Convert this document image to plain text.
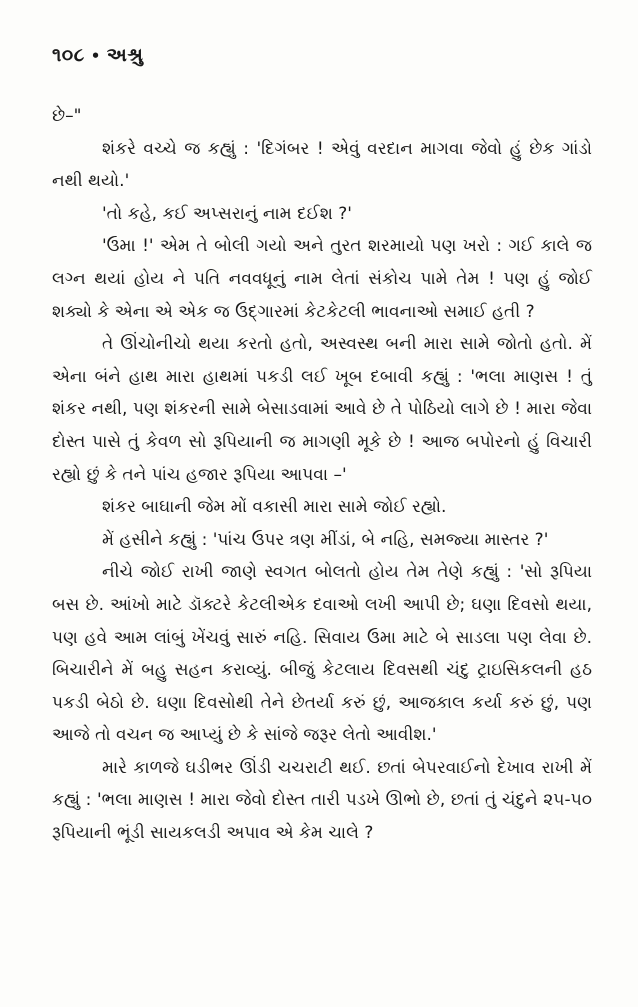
૧૦૮ • અશ્રુ

છે–"

શંકરે વચ્ચે જ કહ્યું : 'દિગંબર ! એવું વરદાન માગવા જેવો હું છેક ગાંડો નથી થયો.'

'તો કહે, કઈ અપ્સરાનું નામ દઈશ ?'

'ઉમા !' એમ તે બોલી ગયો અને તુરત શરમાયો પણ ખરો : ગઈ કાલે જ લગ્ન થયાં હોય ને પતિ નવવધૂનું નામ લેતાં સંકોચ પામે તેમ ! પણ હું જોઈ શક્યો કે એના એ એક જ ઉદ્ગારમાં કેટકેટલી ભાવનાઓ સમાઈ હતી ?

તે ઊંચોનીચો થયા કરતો હતો, અસ્વસ્થ બની મારા સામે જોતો હતો. મેં એના બંને હાથ મારા હાથમાં પકડી લઈ ખૂબ દબાવી કહ્યું : 'ભલા માણસ ! તું શંકર નથી, પણ શંકરની સામે બેસાડવામાં આવે છે તે પોઠિયો લાગે છે ! મારા જેવા દોસ્ત પાસે તું કેવળ સો રૂપિયાની જ માગણી મૂકે છે ! આજ બપોરનો હું વિચારી રહ્યો છું કે તને પાંચ હજાર રૂપિયા આપવા –'

શંકર બાઘાની જેમ મોં વકાસી મારા સામે જોઈ રહ્યો.

મેં હસીને કહ્યું : 'પાંચ ઉપર ત્રણ મીંડાં, બે નહિ, સમજ્યા માસ્તર ?'

નીચે જોઈ રાખી જાણે સ્વગત બોલતો હોય તેમ તેણે કહ્યું : 'સો રૂપિયા બસ છે. આંખો માટે ડૉક્ટરે કેટલીએક દવાઓ લખી આપી છે; ઘણા દિવસો થયા, પણ હવે આમ લાંબું ખેંચવું સારું નહિ. સિવાય ઉમા માટે બે સાડલા પણ લેવા છે. બિચારીને મેં બહુ સહન કરાવ્યું. બીજું કેટલાય દિવસથી ચંદુ ટ્રાઇસિકલની હઠ પકડી બેઠો છે. ઘણા દિવસોથી તેને છેતર્યા કરું છું, આજકાલ કર્યા કરું છું, પણ આજે તો વચન જ આપ્યું છે કે સાંજે જરૂર લેતો આવીશ.'

મારે કાળજે ઘડીભર ઊંડી ચચરાટી થઈ. છતાં બેપરવાઈનો દેખાવ રાખી મેં કહ્યું : 'ભલા માણસ ! મારા જેવો દોસ્ત તારી પડખે ઊભો છે, છતાં તું ચંદુને ૨૫-૫૦ રૂપિયાની ભૂંડી સાયકલડી અપાવ એ કેમ ચાલે ?
